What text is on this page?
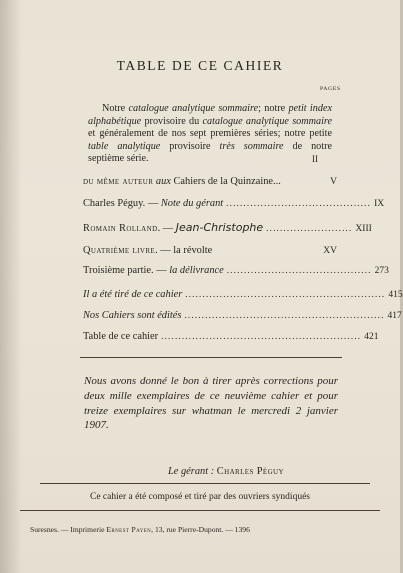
TABLE DE CE CAHIER
PAGES
Notre catalogue analytique sommaire; notre petit index alphabétique provisoire du catalogue analytique sommaire et généralement de nos sept premières séries; notre petite table analytique provisoire très sommaire de notre septième série.	II
du même auteur aux Cahiers de la Quinzaine...	V
Charles Péguy. — Note du gérant .......................................... IX
Romain Rolland. — Jean-Christophe ......................... XIII
Quatrième livre. — la révolte	XV
Troisième partie. — la délivrance .......................................... 273
Il a été tiré de ce cahier .......................................................... 415
Nos Cahiers sont édités .......................................................... 417
Table de ce cahier .......................................................... 421
Nous avons donné le bon à tirer après corrections pour deux mille exemplaires de ce neuvième cahier et pour treize exemplaires sur whatman le mercredi 2 janvier 1907.
Le gérant : Charles Péguy
Ce cahier a été composé et tiré par des ouvriers syndiqués
Suresnes. — Imprimerie Ernest Payen, 13, rue Pierre-Dupont. — 1396
